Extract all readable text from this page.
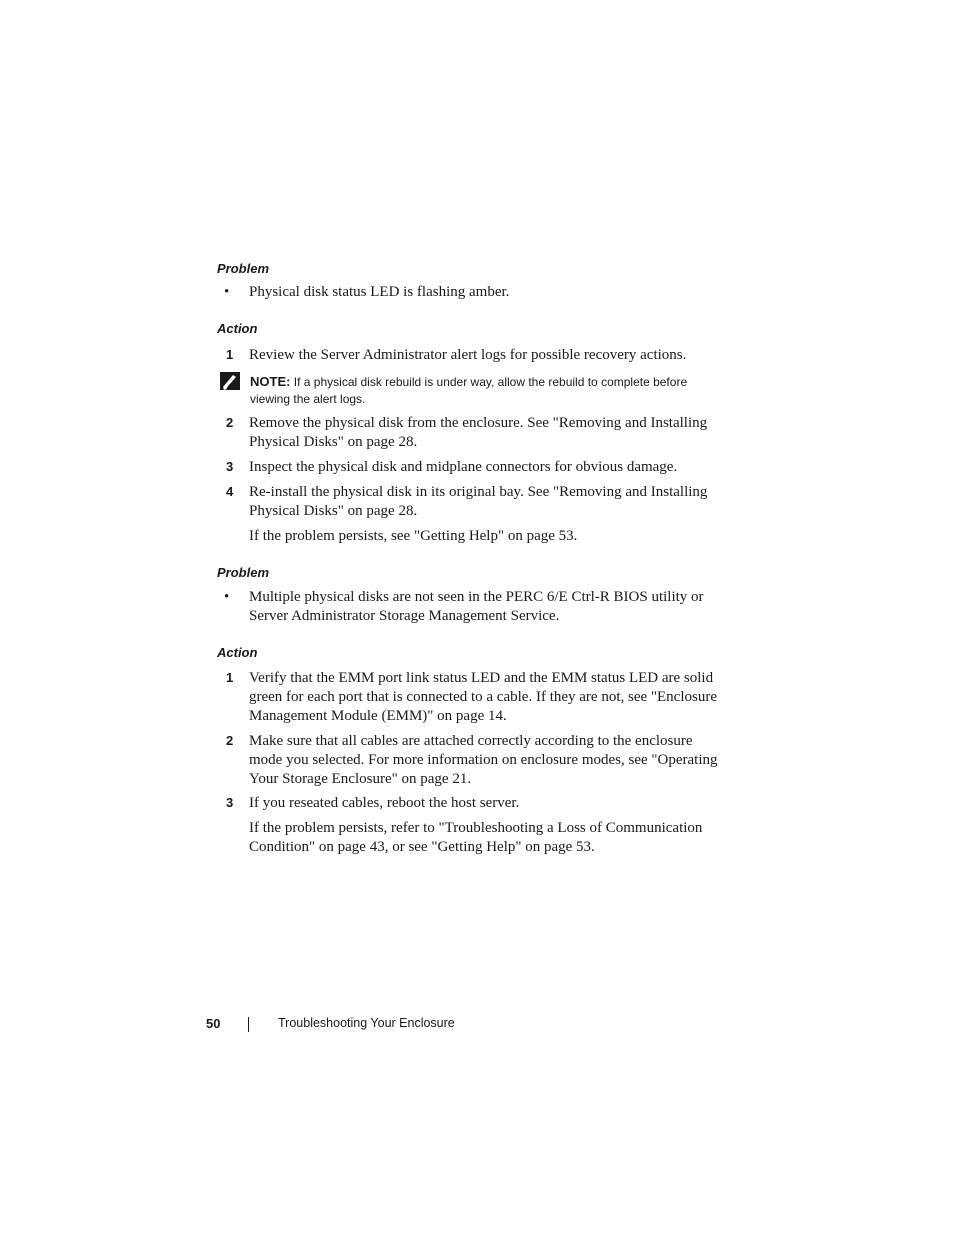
Problem
• Physical disk status LED is flashing amber.
Action
1 Review the Server Administrator alert logs for possible recovery actions.
NOTE: If a physical disk rebuild is under way, allow the rebuild to complete before viewing the alert logs.
2 Remove the physical disk from the enclosure. See "Removing and Installing Physical Disks" on page 28.
3 Inspect the physical disk and midplane connectors for obvious damage.
4 Re-install the physical disk in its original bay. See "Removing and Installing Physical Disks" on page 28.
If the problem persists, see "Getting Help" on page 53.
Problem
• Multiple physical disks are not seen in the PERC 6/E Ctrl-R BIOS utility or Server Administrator Storage Management Service.
Action
1 Verify that the EMM port link status LED and the EMM status LED are solid green for each port that is connected to a cable. If they are not, see "Enclosure Management Module (EMM)" on page 14.
2 Make sure that all cables are attached correctly according to the enclosure mode you selected. For more information on enclosure modes, see "Operating Your Storage Enclosure" on page 21.
3 If you reseated cables, reboot the host server.
If the problem persists, refer to "Troubleshooting a Loss of Communication Condition" on page 43, or see "Getting Help" on page 53.
50	Troubleshooting Your Enclosure
